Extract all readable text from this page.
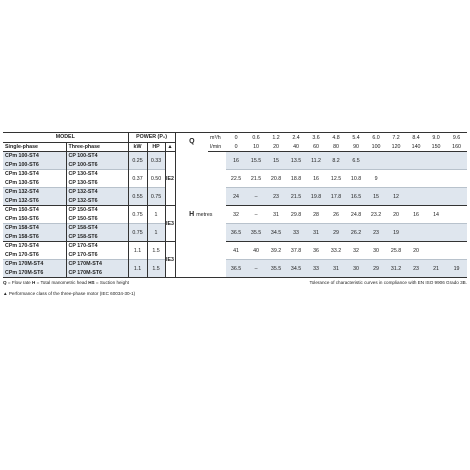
MODEL		POWER (P₂)			Q	m³/h	0	0.6	1.2	2.4	3.6	4.8	5.4	6.0	7.2	8.4	9.0	9.6
Single-phase	Three-phase	kW	HP	▲		l/min	0	10	20	40	60	80	90	100	120	140	150	160
CPm 100-ST4	CP 100-ST4	0.25	0.33	IE2	H metres		16	15.5	15	13.5	11.2	8.2	6.5					
CPm 100-ST6	CP 100-ST6																	
CPm 130-ST4	CP 130-ST4	0.37	0.50				22.5	21.5	20.8	18.8	16	12.5	10.8	9				
CPm 130-ST6	CP 130-ST6																	
CPm 132-ST4	CP 132-ST4	0.55	0.75				24	–	23	21.5	19.8	17.8	16.5	15	12			
CPm 132-ST6	CP 132-ST6																	
CPm 150-ST4	CP 150-ST4	0.75	1	IE3			32	–	31	29.8	28	26	24.8	23.2	20	16	14	
CPm 150-ST6	CP 150-ST6																	
CPm 158-ST4	CP 158-ST4	0.75	1				36.5	35.5	34.5	33	31	29	26.2	23	19			
CPm 158-ST6	CP 158-ST6																	
CPm 170-ST4	CP 170-ST4	1.1	1.5	IE3			41	40	39.2	37.8	36	33.2	32	30	25.8	20		
CPm 170-ST6	CP 170-ST6																	
CPm 170M-ST4	CP 170M-ST4	1.1	1.5				36.5	–	35.5	34.5	33	31	30	29	31.2	23	21	19
CPm 170M-ST6	CP 170M-ST6																	

Q = Flow rate H = Total manometric head HS = Suction height	Tolerance of characteristic curves in compliance with EN ISO 9906 Grado 3B.
▲ Performance class of the three-phase motor (IEC 60034-30-1)
